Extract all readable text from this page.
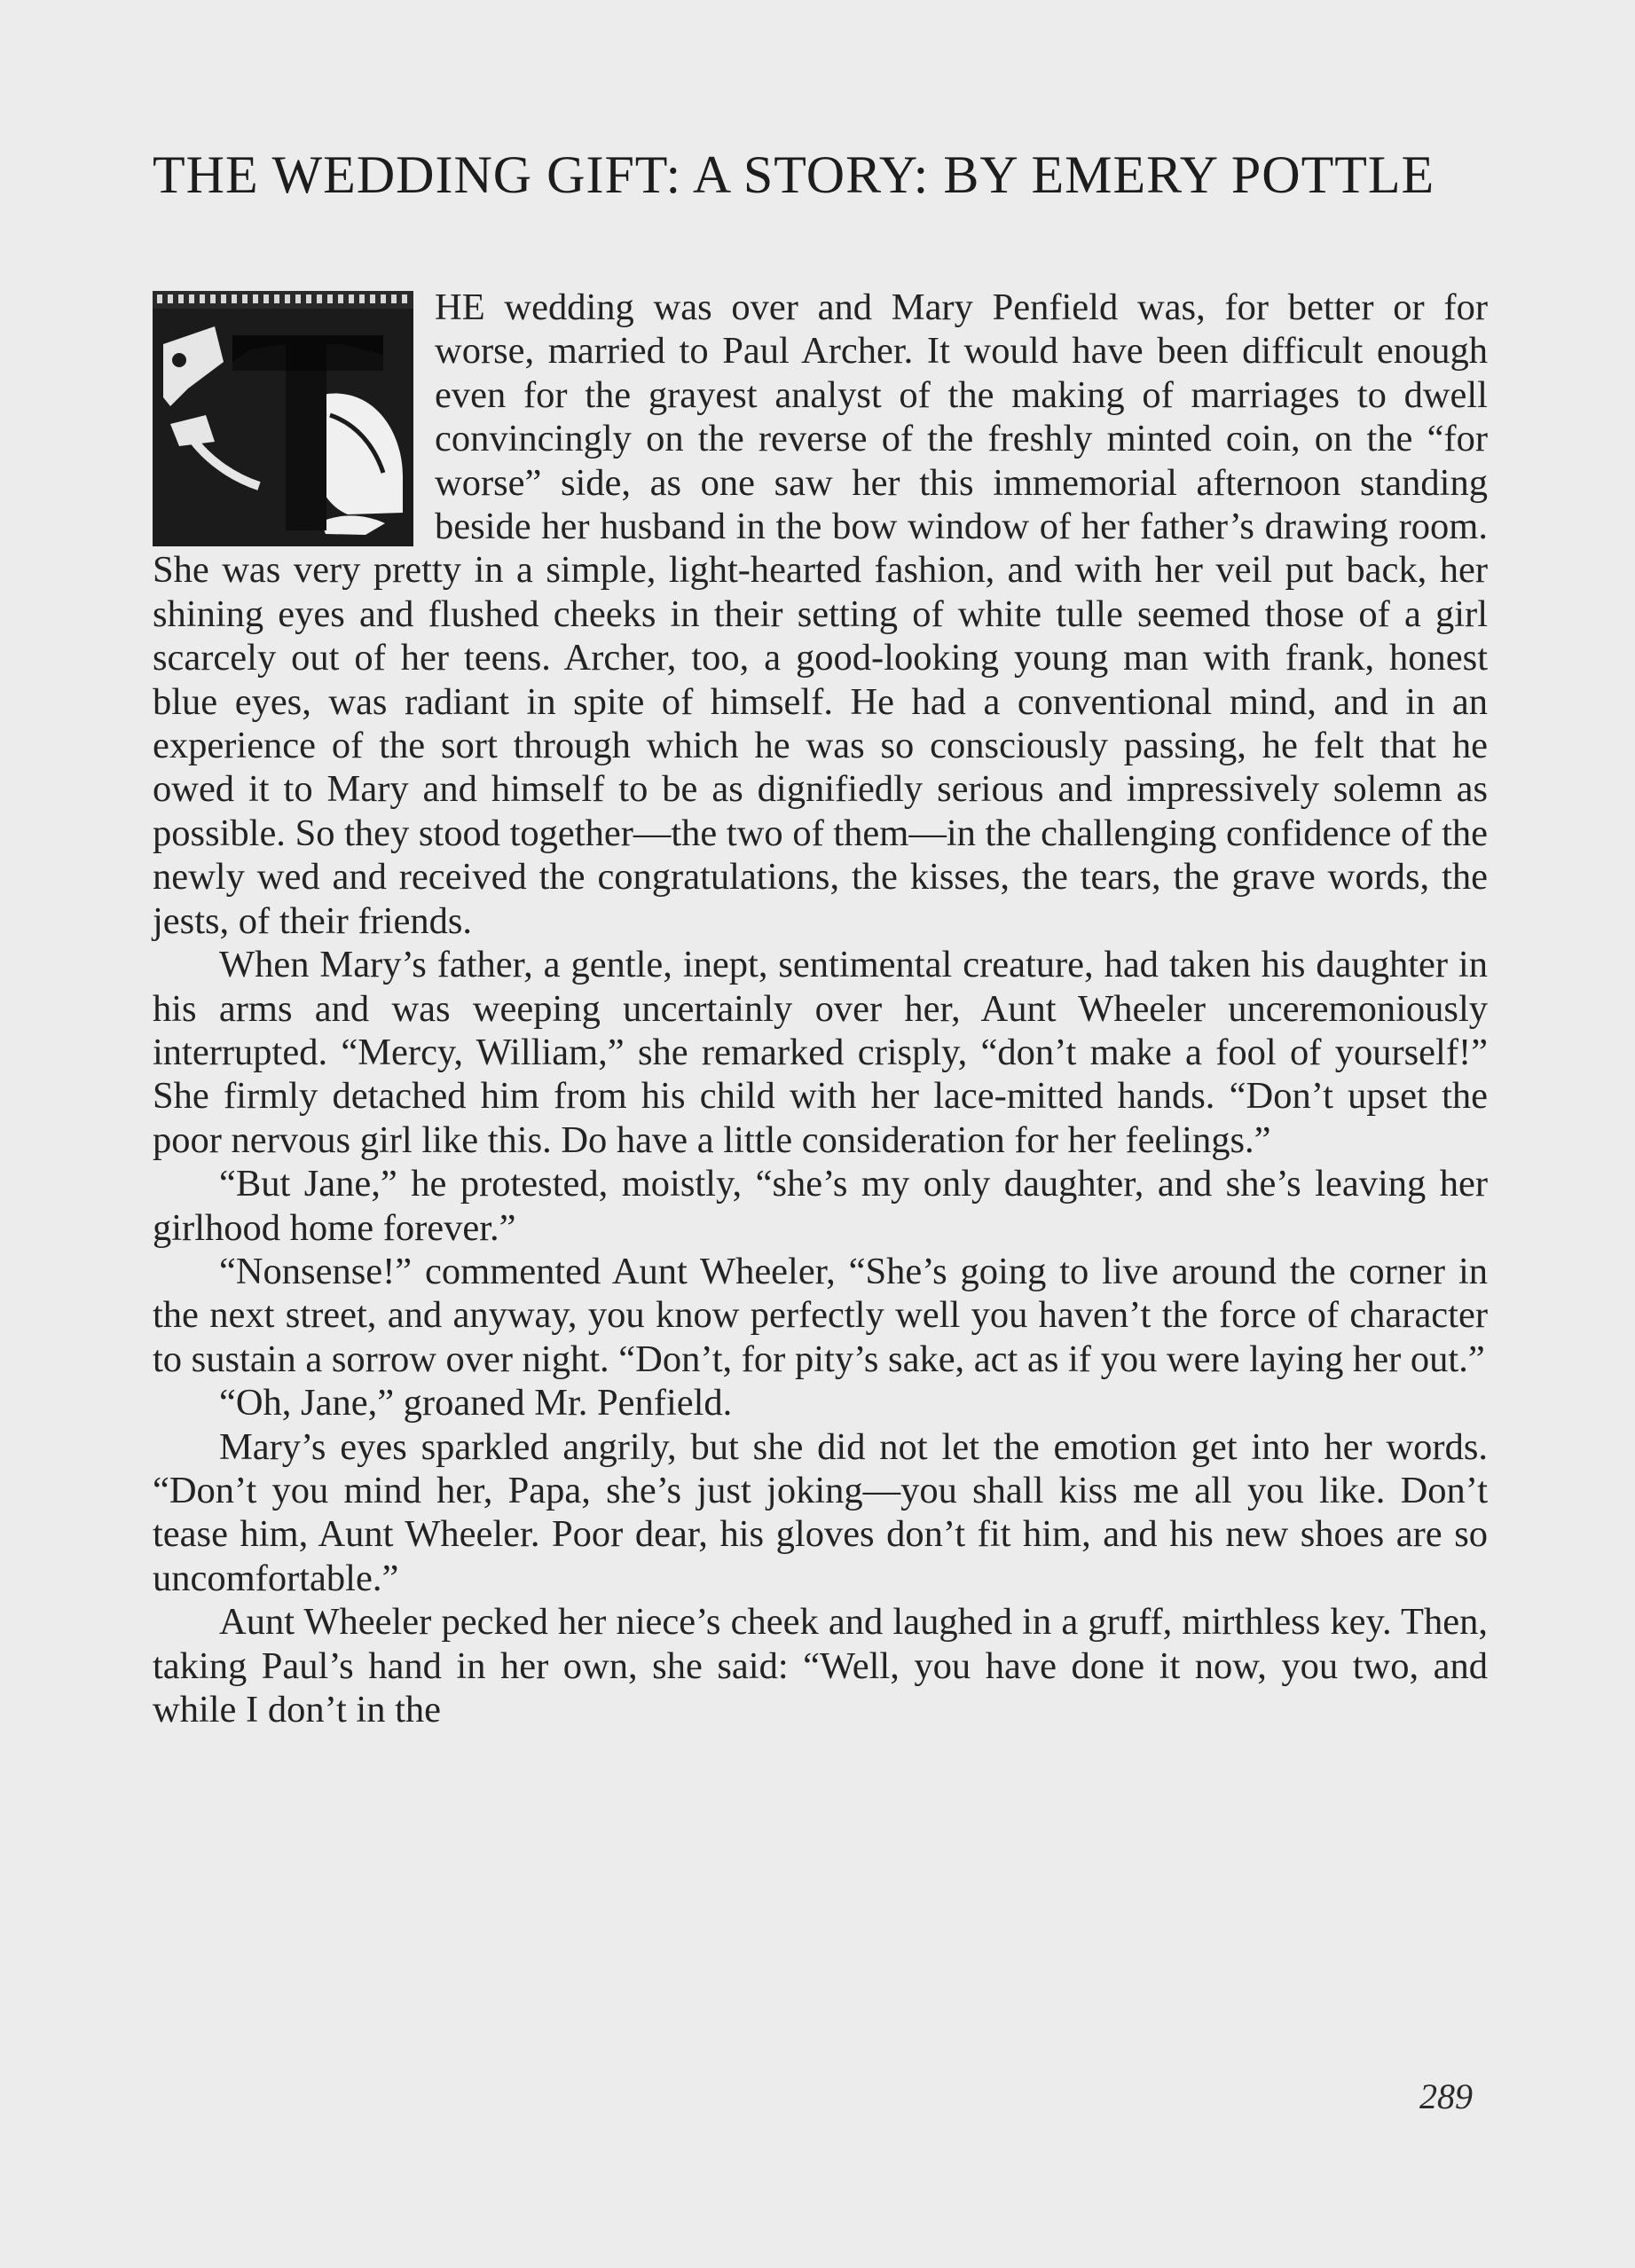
THE WEDDING GIFT: A STORY: BY EMERY POTTLE

HE wedding was over and Mary Penfield was, for better or for worse, married to Paul Archer. It would have been difficult enough even for the grayest analyst of the making of marriages to dwell convincingly on the reverse of the freshly minted coin, on the “for worse” side, as one saw her this immemorial afternoon standing beside her husband in the bow window of her father’s drawing room. She was very pretty in a simple, light-hearted fashion, and with her veil put back, her shining eyes and flushed cheeks in their setting of white tulle seemed those of a girl scarcely out of her teens. Archer, too, a good-looking young man with frank, honest blue eyes, was radiant in spite of himself. He had a conventional mind, and in an experience of the sort through which he was so consciously passing, he felt that he owed it to Mary and himself to be as dignifiedly serious and impressively solemn as possible. So they stood together—the two of them—in the challenging confidence of the newly wed and received the congratulations, the kisses, the tears, the grave words, the jests, of their friends.

When Mary’s father, a gentle, inept, sentimental creature, had taken his daughter in his arms and was weeping uncertainly over her, Aunt Wheeler unceremoniously interrupted. “Mercy, William,” she remarked crisply, “don’t make a fool of yourself!” She firmly detached him from his child with her lace-mitted hands. “Don’t upset the poor nervous girl like this. Do have a little consideration for her feelings.”

“But Jane,” he protested, moistly, “she’s my only daughter, and she’s leaving her girlhood home forever.”

“Nonsense!” commented Aunt Wheeler, “She’s going to live around the corner in the next street, and anyway, you know perfectly well you haven’t the force of character to sustain a sorrow over night. “Don’t, for pity’s sake, act as if you were laying her out.”

“Oh, Jane,” groaned Mr. Penfield.

Mary’s eyes sparkled angrily, but she did not let the emotion get into her words. “Don’t you mind her, Papa, she’s just joking—you shall kiss me all you like. Don’t tease him, Aunt Wheeler. Poor dear, his gloves don’t fit him, and his new shoes are so uncomfortable.”

Aunt Wheeler pecked her niece’s cheek and laughed in a gruff, mirthless key. Then, taking Paul’s hand in her own, she said: “Well, you have done it now, you two, and while I don’t in the

289
